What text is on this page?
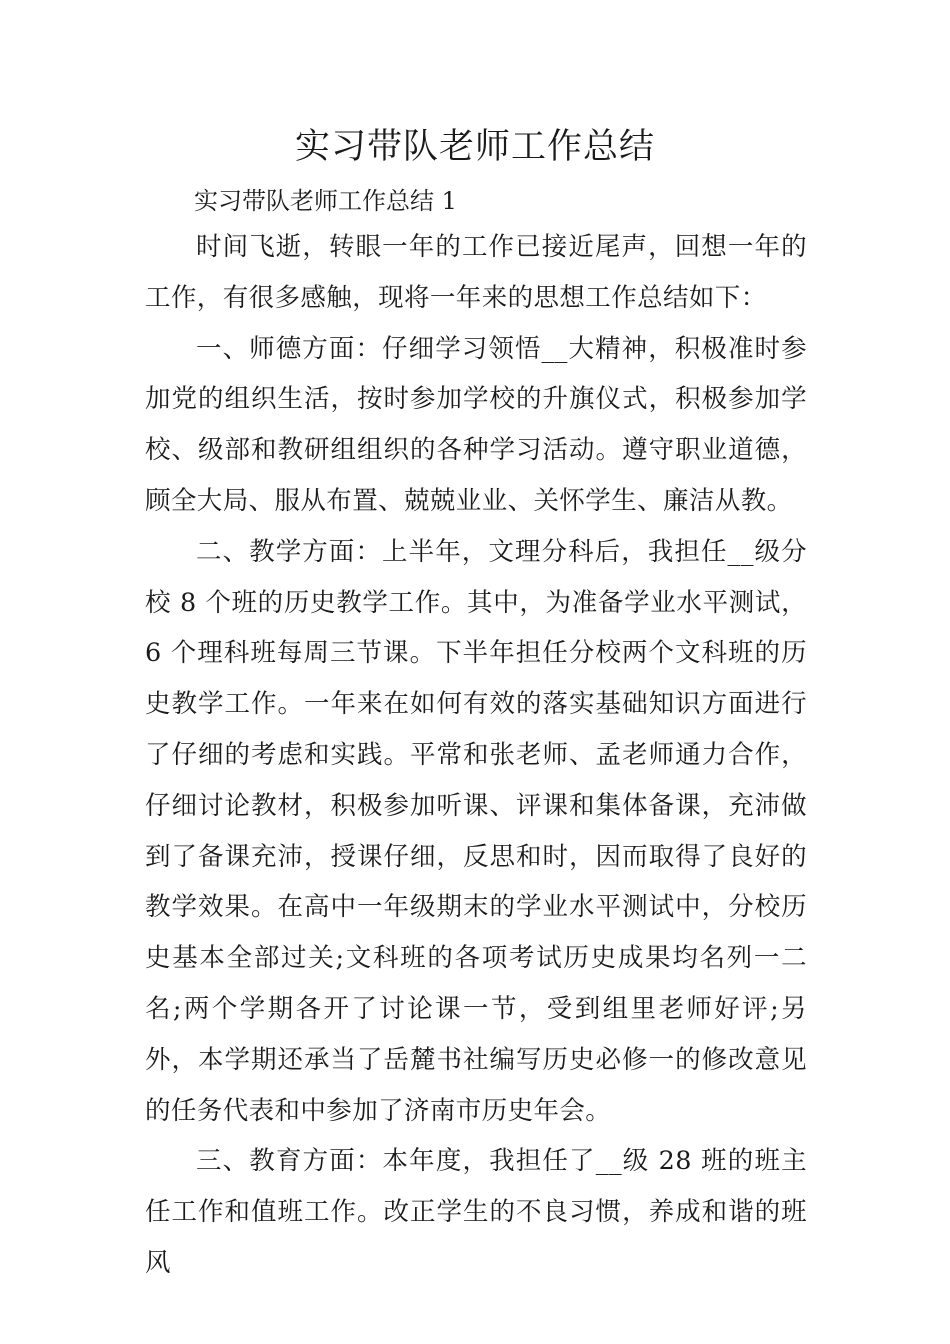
实习带队老师工作总结

实习带队老师工作总结 1

时间飞逝，转眼一年的工作已接近尾声，回想一年的工作，有很多感触，现将一年来的思想工作总结如下：

一、师德方面：仔细学习领悟__大精神，积极准时参加党的组织生活，按时参加学校的升旗仪式，积极参加学校、级部和教研组组织的各种学习活动。遵守职业道德，顾全大局、服从布置、兢兢业业、关怀学生、廉洁从教。

二、教学方面：上半年，文理分科后，我担任__级分校 8 个班的历史教学工作。其中，为准备学业水平测试，6 个理科班每周三节课。下半年担任分校两个文科班的历史教学工作。一年来在如何有效的落实基础知识方面进行了仔细的考虑和实践。平常和张老师、孟老师通力合作，仔细讨论教材，积极参加听课、评课和集体备课，充沛做到了备课充沛，授课仔细，反思和时，因而取得了良好的教学效果。在高中一年级期末的学业水平测试中，分校历史基本全部过关;文科班的各项考试历史成果均名列一二名;两个学期各开了讨论课一节，受到组里老师好评;另外，本学期还承当了岳麓书社编写历史必修一的修改意见的任务代表和中参加了济南市历史年会。

三、教育方面：本年度，我担任了__级 28 班的班主任工作和值班工作。改正学生的不良习惯，养成和谐的班风
